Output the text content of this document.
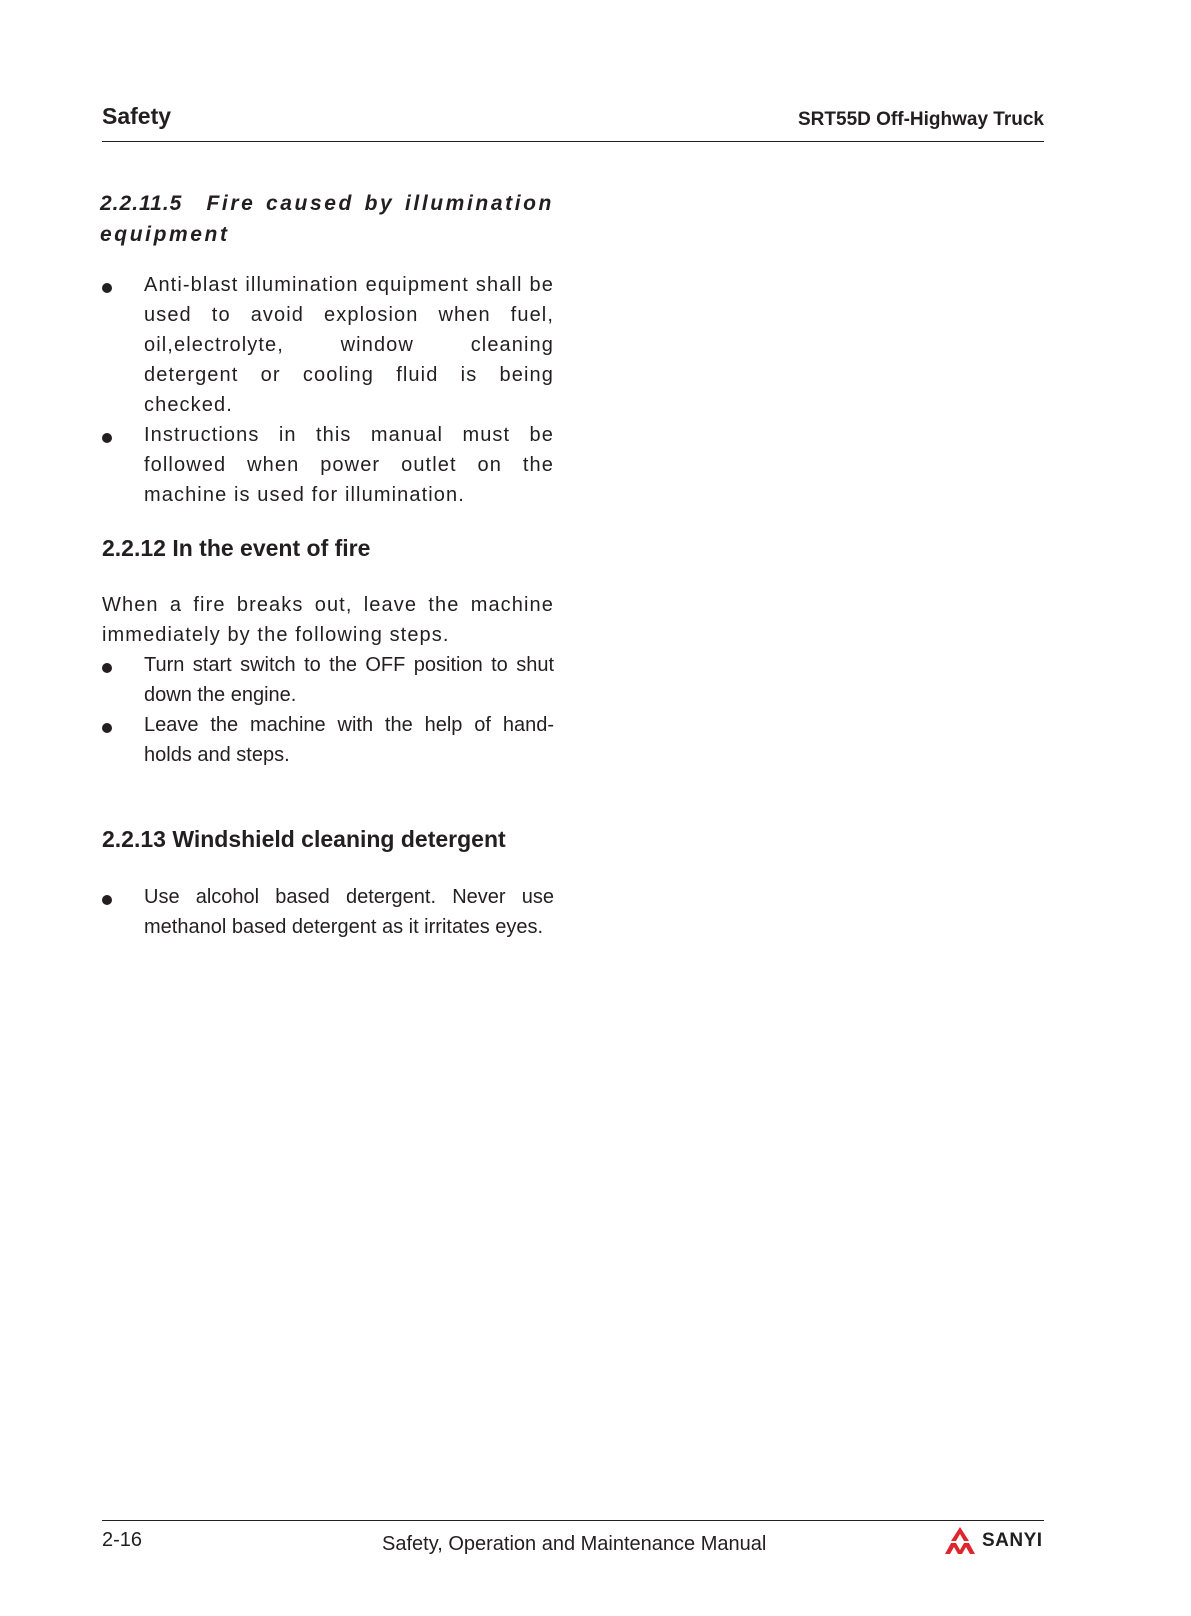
Safety	SRT55D Off-Highway Truck
2.2.11.5 Fire caused by illumination equipment
Anti-blast illumination equipment shall be used to avoid explosion when fuel, oil,electrolyte, window cleaning detergent or cooling fluid is being checked.
Instructions in this manual must be followed when power outlet on the machine is used for illumination.
2.2.12 In the event of fire

When a fire breaks out, leave the machine immediately by the following steps.

Turn start switch to the OFF position to shut down the engine.
Leave the machine with the help of hand-holds and steps.
2.2.13 Windshield cleaning detergent
Use alcohol based detergent. Never use methanol based detergent as it irritates eyes.
2-16	Safety, Operation and Maintenance Manual	SANYI
